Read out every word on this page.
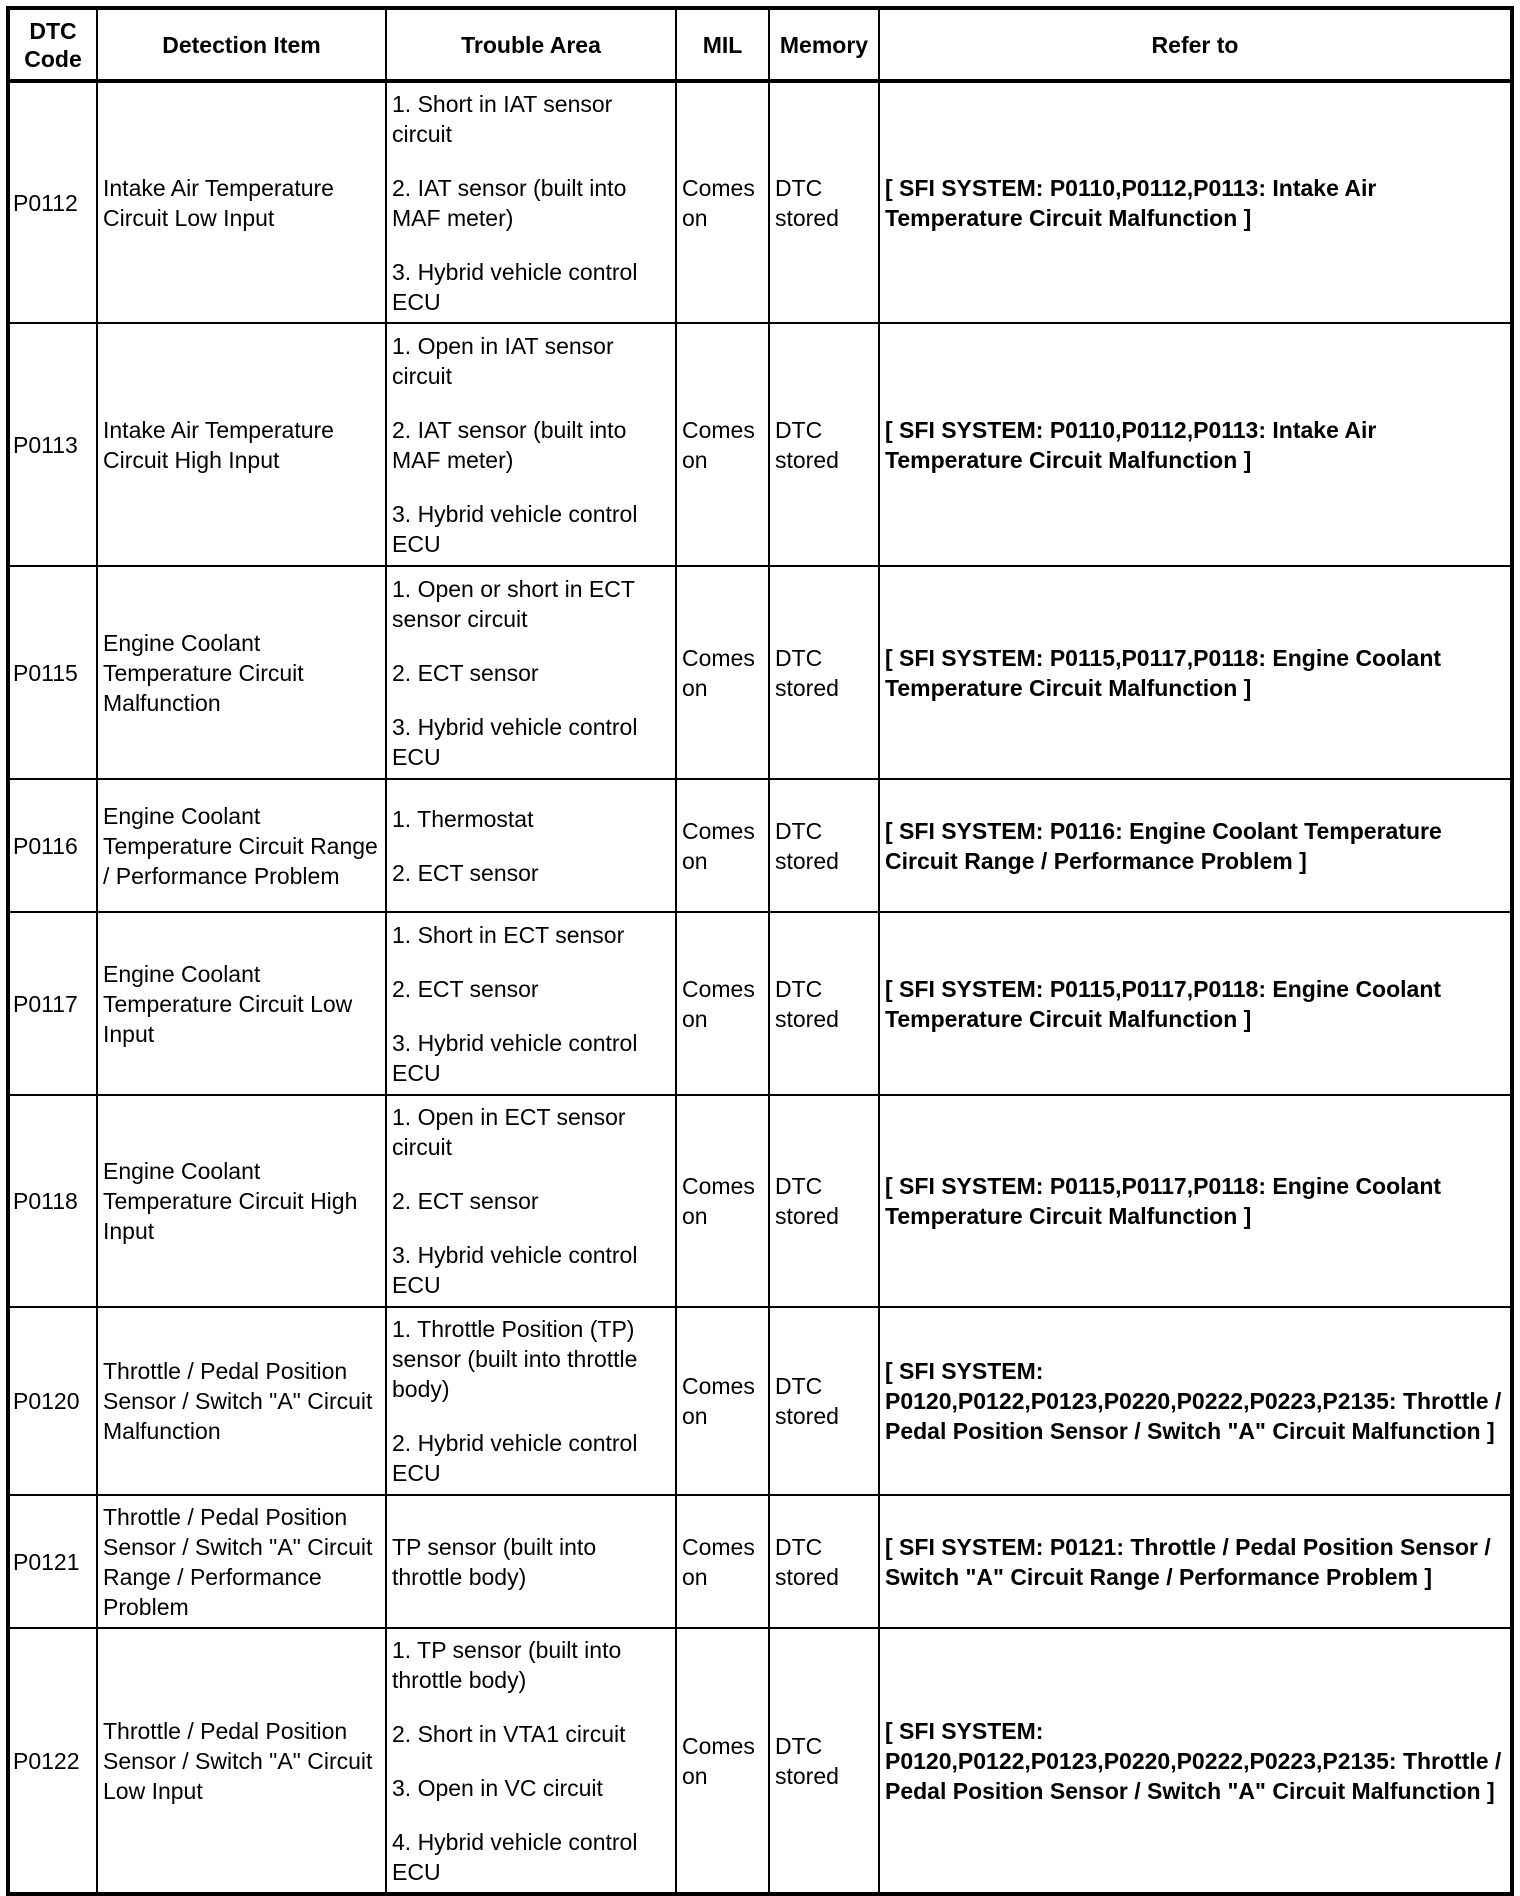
DTC Code	Detection Item	Trouble Area	MIL	Memory	Refer to
P0112	Intake Air Temperature Circuit Low Input	1. Short in IAT sensor circuit

2. IAT sensor (built into MAF meter)

3. Hybrid vehicle control ECU	Comes on	DTC stored	[ SFI SYSTEM: P0110,P0112,P0113: Intake Air Temperature Circuit Malfunction ]
P0113	Intake Air Temperature Circuit High Input	1. Open in IAT sensor circuit

2. IAT sensor (built into MAF meter)

3. Hybrid vehicle control ECU	Comes on	DTC stored	[ SFI SYSTEM: P0110,P0112,P0113: Intake Air Temperature Circuit Malfunction ]
P0115	Engine Coolant Temperature Circuit Malfunction	1. Open or short in ECT sensor circuit

2. ECT sensor

3. Hybrid vehicle control ECU	Comes on	DTC stored	[ SFI SYSTEM: P0115,P0117,P0118: Engine Coolant Temperature Circuit Malfunction ]
P0116	Engine Coolant Temperature Circuit Range / Performance Problem	1. Thermostat

2. ECT sensor	Comes on	DTC stored	[ SFI SYSTEM: P0116: Engine Coolant Temperature Circuit Range / Performance Problem ]
P0117	Engine Coolant Temperature Circuit Low Input	1. Short in ECT sensor

2. ECT sensor

3. Hybrid vehicle control ECU	Comes on	DTC stored	[ SFI SYSTEM: P0115,P0117,P0118: Engine Coolant Temperature Circuit Malfunction ]
P0118	Engine Coolant Temperature Circuit High Input	1. Open in ECT sensor circuit

2. ECT sensor

3. Hybrid vehicle control ECU	Comes on	DTC stored	[ SFI SYSTEM: P0115,P0117,P0118: Engine Coolant Temperature Circuit Malfunction ]
P0120	Throttle / Pedal Position Sensor / Switch "A" Circuit Malfunction	1. Throttle Position (TP) sensor (built into throttle body)

2. Hybrid vehicle control ECU	Comes on	DTC stored	[ SFI SYSTEM: P0120,P0122,P0123,P0220,P0222,P0223,P2135: Throttle / Pedal Position Sensor / Switch "A" Circuit Malfunction ]
P0121	Throttle / Pedal Position Sensor / Switch "A" Circuit Range / Performance Problem	TP sensor (built into throttle body)	Comes on	DTC stored	[ SFI SYSTEM: P0121: Throttle / Pedal Position Sensor / Switch "A" Circuit Range / Performance Problem ]
P0122	Throttle / Pedal Position Sensor / Switch "A" Circuit Low Input	1. TP sensor (built into throttle body)

2. Short in VTA1 circuit

3. Open in VC circuit

4. Hybrid vehicle control ECU	Comes on	DTC stored	[ SFI SYSTEM: P0120,P0122,P0123,P0220,P0222,P0223,P2135: Throttle / Pedal Position Sensor / Switch "A" Circuit Malfunction ]
